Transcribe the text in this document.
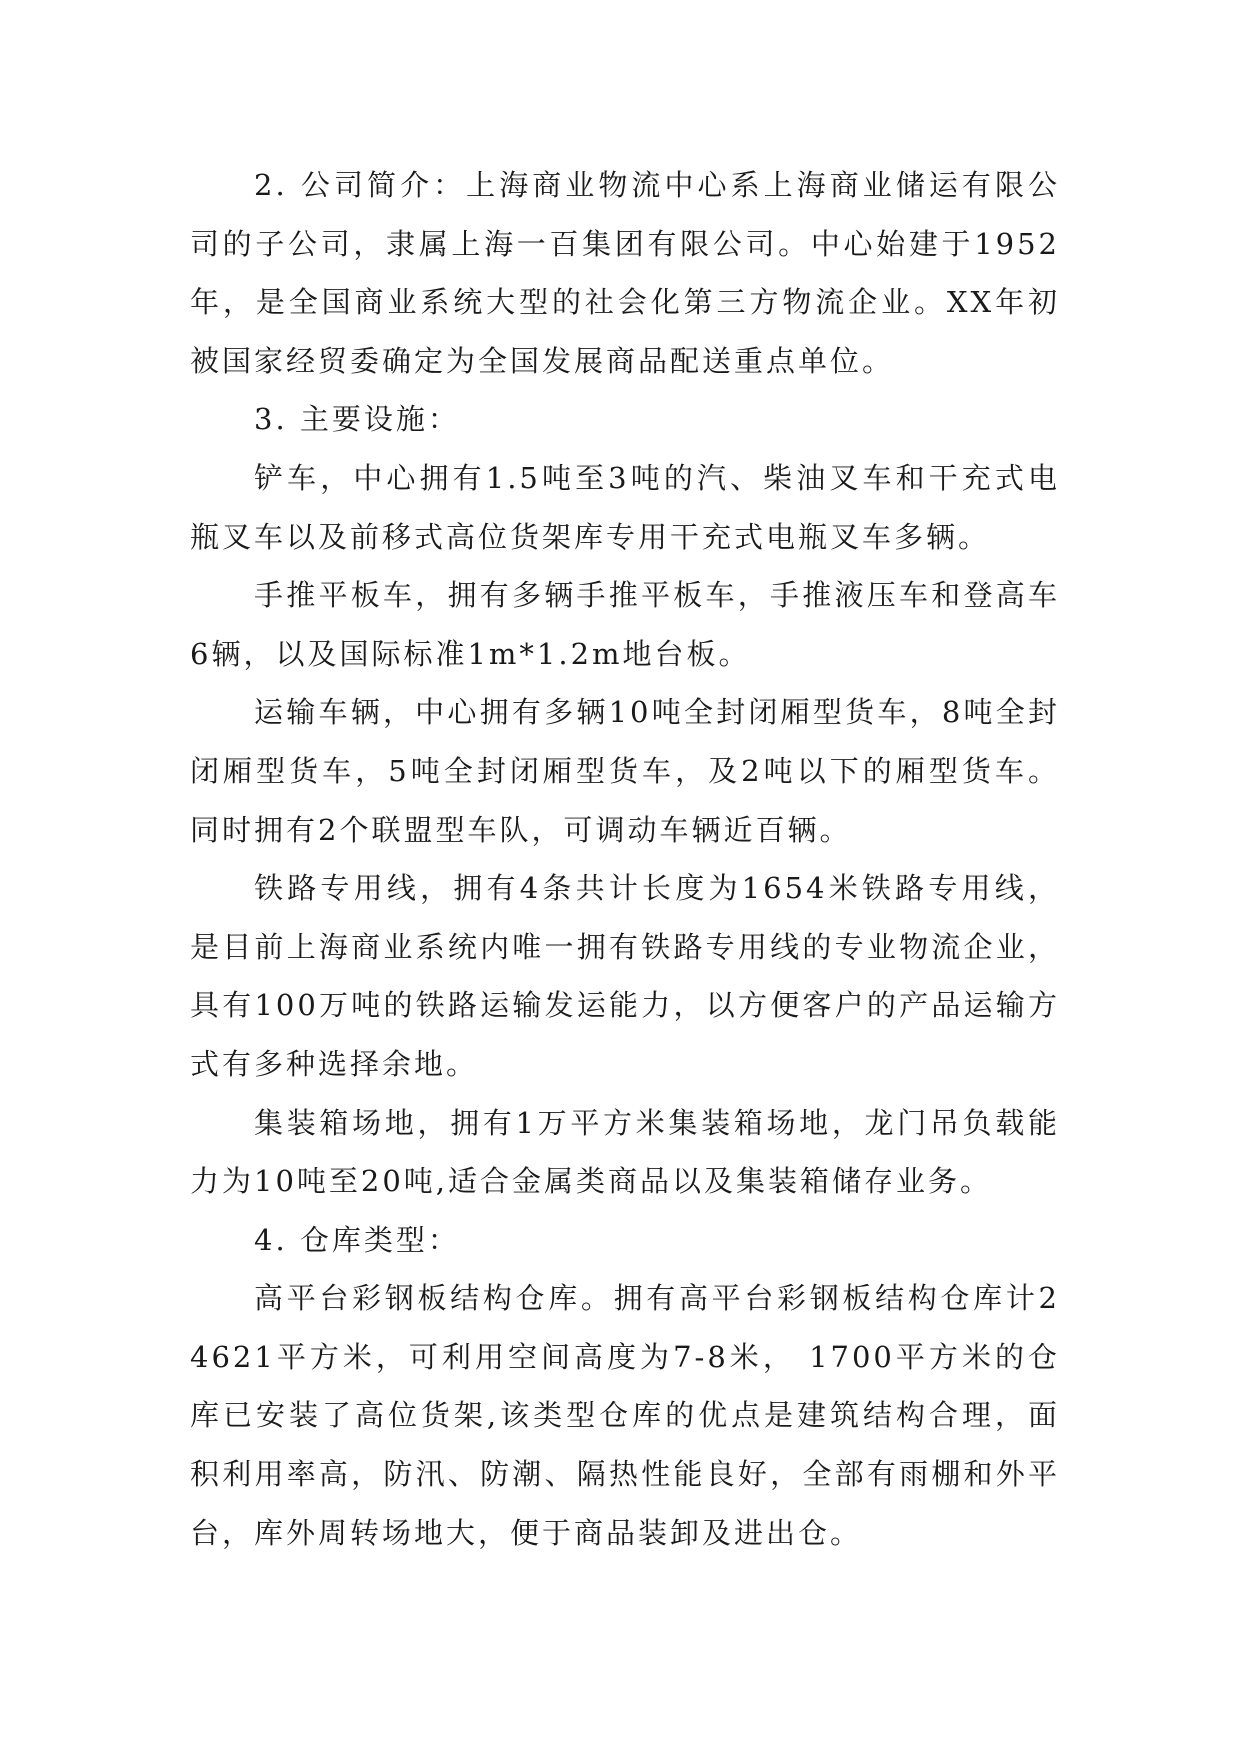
2. 公司简介：上海商业物流中心系上海商业储运有限公司的子公司，隶属上海一百集团有限公司。中心始建于1952年，是全国商业系统大型的社会化第三方物流企业。XX年初被国家经贸委确定为全国发展商品配送重点单位。

3. 主要设施：

铲车，中心拥有1.5吨至3吨的汽、柴油叉车和干充式电瓶叉车以及前移式高位货架库专用干充式电瓶叉车多辆。

手推平板车，拥有多辆手推平板车，手推液压车和登高车6辆，以及国际标准1m*1.2m地台板。

运输车辆，中心拥有多辆10吨全封闭厢型货车，8吨全封闭厢型货车，5吨全封闭厢型货车，及2吨以下的厢型货车。同时拥有2个联盟型车队，可调动车辆近百辆。

铁路专用线，拥有4条共计长度为1654米铁路专用线，是目前上海商业系统内唯一拥有铁路专用线的专业物流企业，具有100万吨的铁路运输发运能力，以方便客户的产品运输方式有多种选择余地。

集装箱场地，拥有1万平方米集装箱场地，龙门吊负载能力为10吨至20吨,适合金属类商品以及集装箱储存业务。

4. 仓库类型：

高平台彩钢板结构仓库。拥有高平台彩钢板结构仓库计24621平方米，可利用空间高度为7-8米， 1700平方米的仓库已安装了高位货架,该类型仓库的优点是建筑结构合理，面积利用率高，防汛、防潮、隔热性能良好，全部有雨棚和外平台，库外周转场地大，便于商品装卸及进出仓。
